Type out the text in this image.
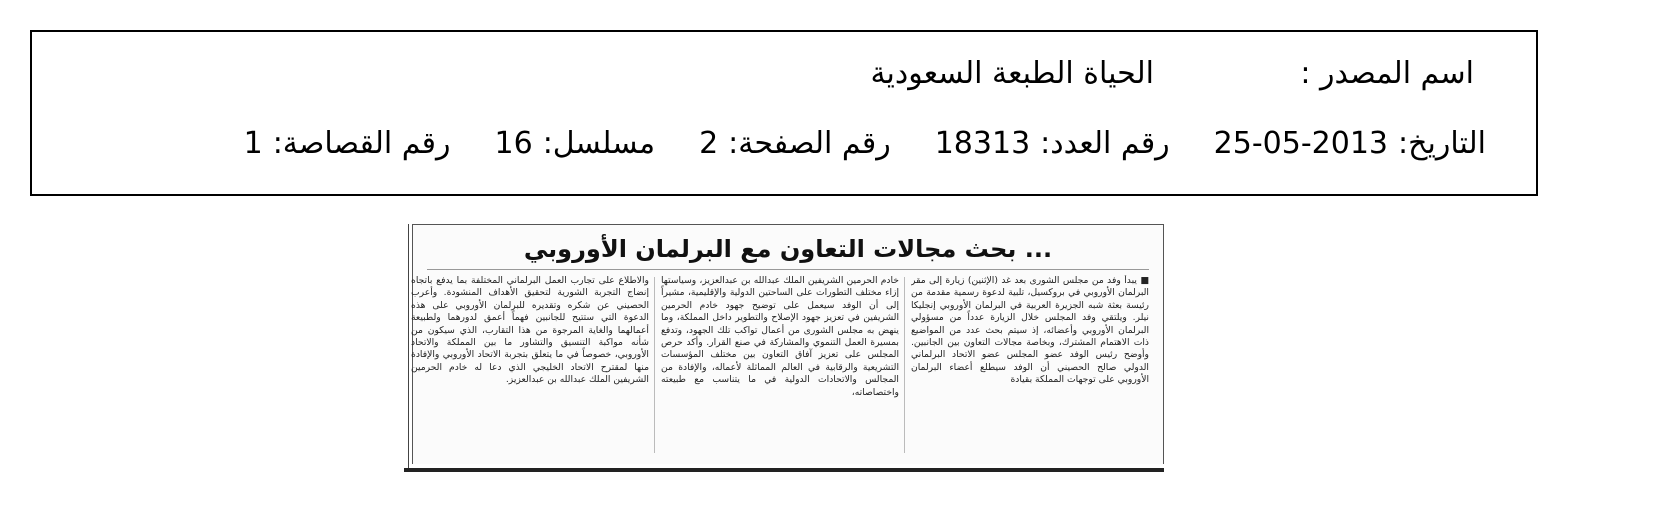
اسم المصدر :
الحياة الطبعة السعودية
التاريخ:
25-05-2013
رقم العدد:
18313
رقم الصفحة:
2
مسلسل:
16
رقم القصاصة:
1
... بحث مجالات التعاون مع البرلمان الأوروبي
■ يبدأ وفد من مجلس الشورى بعد غد (الإثنين) زيارة إلى مقر البرلمان الأوروبي في بروكسيل، تلبية لدعوة رسمية مقدمة من رئيسة بعثة شبه الجزيرة العربية في البرلمان الأوروبي إنجليكا نيلر. ويلتقي وفد المجلس خلال الزيارة عدداً من مسؤولي البرلمان الأوروبي وأعضائه، إذ سيتم بحث عدد من المواضيع ذات الاهتمام المشترك، وبخاصة مجالات التعاون بين الجانبين. وأوضح رئيس الوفد عضو المجلس عضو الاتحاد البرلماني الدولي صالح الحصيني أن الوفد سيطلع أعضاء البرلمان الأوروبي على توجهات المملكة بقيادة
خادم الحرمين الشريفين الملك عبدالله بن عبدالعزيز، وسياستها إزاء مختلف التطورات على الساحتين الدولية والإقليمية، مشيراً إلى أن الوفد سيعمل على توضيح جهود خادم الحرمين الشريفين في تعزيز جهود الإصلاح والتطوير داخل المملكة، وما ينهض به مجلس الشورى من أعمال تواكب تلك الجهود، وتدفع بمسيرة العمل التنموي والمشاركة في صنع القرار. وأكد حرص المجلس على تعزيز آفاق التعاون بين مختلف المؤسسات التشريعية والرقابية في العالم المماثلة لأعماله، والإفادة من المجالس والاتحادات الدولية في ما يتناسب مع طبيعته واختصاصاته،
والاطلاع على تجارب العمل البرلماني المختلفة بما يدفع باتجاه إنضاج التجربة الشورية لتحقيق الأهداف المنشودة. وأعرب الحصيني عن شكره وتقديره للبرلمان الأوروبي على هذه الدعوة التي ستتيح للجانبين فهماً أعمق لدورهما ولطبيعة أعمالهما والغاية المرجوة من هذا التقارب، الذي سيكون من شأنه مواكبة التنسيق والتشاور ما بين المملكة والاتحاد الأوروبي، خصوصاً في ما يتعلق بتجربة الاتحاد الأوروبي والإفادة منها لمقترح الاتحاد الخليجي الذي دعا له خادم الحرمين الشريفين الملك عبدالله بن عبدالعزيز.
